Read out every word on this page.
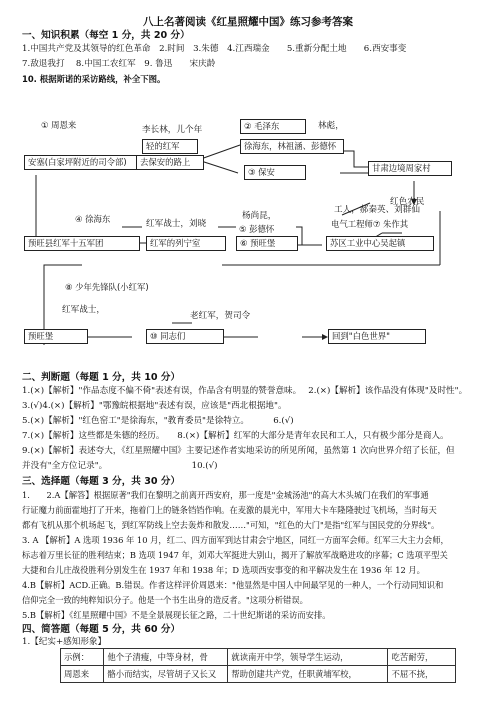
八上名著阅读《红星照耀中国》练习参考答案
一、知识积累（每空 1 分，共 20 分）
1.中国共产党及其领导的红色革命　2.时间　3.朱德　4.江西瑞金　　5.重新分配土地　　6.西安事变
7.敌退我打　 8.中国工农红军　9. 鲁迅　　宋庆龄
10. 根据斯诺的采访路线，补全下图。
① 周恩来
安塞(白家坪附近的司令部)
李长林，儿个年
轻的红军
去保安的路上
② 毛泽东	林彪，
徐海东，林祖涵、彭德怀
③ 保安	甘肃边境周家村
红色农民
④ 徐海东
预旺县红军十五军团
红军战士，刘晓
红军的列宁室
杨尚昆，
⑤ 彭德怀
⑥ 预旺堡
工人，郝秦英、刘群仙
电气工程师⑦ 朱作其
苏区工业中心吴起镇
⑧ 少年先锋队(小红军)
红军战士，
预旺堡
老红军，贺司令
⑩ 同志们	回到"白色世界"
二、判断题（每题 1 分，共 10 分）
1.(×)【解析】"作品态度不偏不倚"表述有误，作品含有明显的赞誉意味。　 2.(×)【解析】该作品没有体现"及时性"。
3.(√)4.(×)【解析】"鄂豫皖根据地"表述有误，应该是"西北根据地"。
5.(×)【解析】"红色窑工"是徐海东，"教育委员"是徐特立。　　　 6.(√)
7.(×)【解析】这些都是朱德的经历。　　8.(×)【解析】红军的大部分是青年农民和工人，只有极少部分是商人。
9.(×)【解析】表述夸大，《红星照耀中国》主要记述作者实地采访的所见所闻，虽然第 1 次向世界介绍了长征，但
并没有"全方位记录"。　　　　　　　　　　 10.(√)
三、选择题（每题 3 分，共 30 分）
1.　　2.A【解答】根据原著"我们在黎明之前离开西安府，那一度是"金城汤池"的高大木头城门在我们的军事通
行证魔力前面霍地打了开来，拖着门上的链条铛铛作响。在麦激的晨光中，军用大卡车隆隆驶过飞机场，当时每天
都有飞机从那个机场起飞，到红军防线上空去轰炸和散发……"可知，"红色的大门"是指"红军与国民党的分界线"。
3. A 【解析】A 选项 1936 年 10 月，红二、四方面军到达甘肃会宁地区，同红一方面军会师。红军三大主力会师，
标志着万里长征的胜利结束；B 选项 1947 年，刘邓大军挺进大别山，揭开了解放军战略进攻的序幕；C 选项平型关
大捷和台儿庄战役胜利分别发生在 1937 年和 1938 年；D 选项西安事变的和平解决发生在 1936 年 12 月。
4.B【解析】ACD.正确。B.错误。作者这样评价周恩来："他显然是中国人中间最罕见的一种人，一个行动同知识和
信仰完全一致的纯粹知识分子。他是一个书生出身的造反者。"这项分析错误。
5.B【解析】《红星照耀中国》不是全景展现长征之路，二十世纪斯诺的采访而安排。
四、简答题（每题 5 分，共 60 分）
1.【纪实+感知形象】
示例：	他个子清瘦，中等身材，骨	就读南开中学，领导学生运动，	吃苦耐劳，
周恩来	骼小而结实，尽管胡子又长又	帮助创建共产党，任职黄埔军校，	不屈不挠，
